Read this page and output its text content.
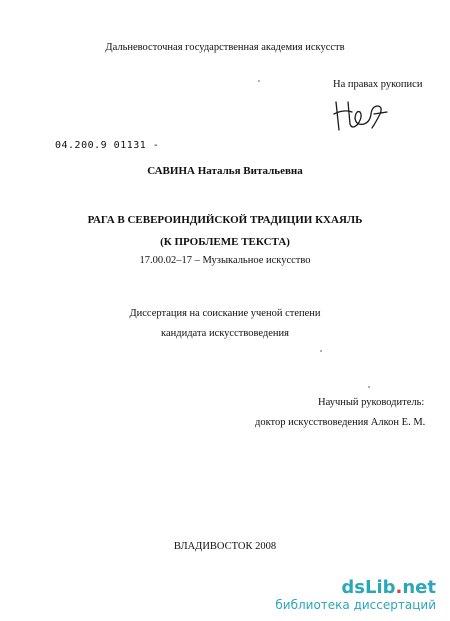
Дальневосточная государственная академия искусств
На правах рукописи
04.200.9 01131 -
САВИНА Наталья Витальевна
РАГА В СЕВЕРОИНДИЙСКОЙ ТРАДИЦИИ КХАЯЛЬ
(К ПРОБЛЕМЕ ТЕКСТА)
17.00.02–17 – Музыкальное искусство
Диссертация на соискание ученой степени
кандидата искусствоведения
Научный руководитель:
доктор искусствоведения Алкон Е. М.
ВЛАДИВОСТОК 2008
dsLib.net
библиотека диссертаций
